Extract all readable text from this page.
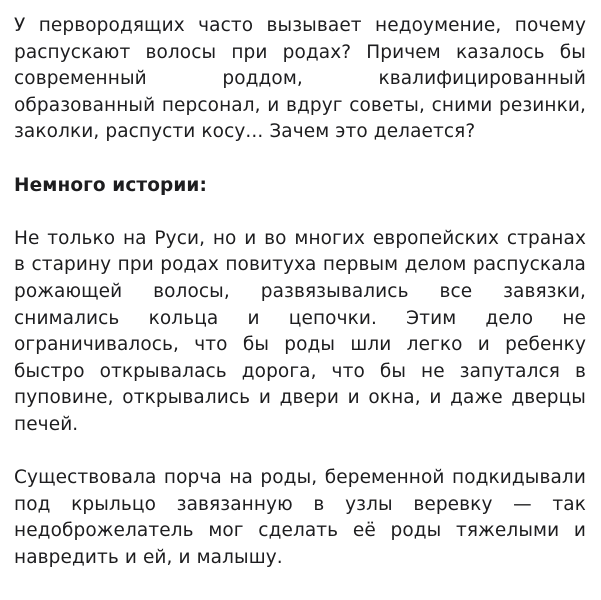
У первородящих часто вызывает недоумение, почему распускают волосы при родах? Причем казалось бы современный роддом, квалифицированный образованный персонал, и вдруг советы, сними резинки, заколки, распусти косу... Зачем это делается?

Немного истории:

Не только на Руси, но и во многих европейских странах в старину при родах повитуха первым делом распускала рожающей волосы, развязывались все завязки, снимались кольца и цепочки. Этим дело не ограничивалось, что бы роды шли легко и ребенку быстро открывалась дорога, что бы не запутался в пуповине, открывались и двери и окна, и даже дверцы печей.

Существовала порча на роды, беременной подкидывали под крыльцо завязанную в узлы веревку — так недоброжелатель мог сделать её роды тяжелыми и навредить и ей, и малышу.
